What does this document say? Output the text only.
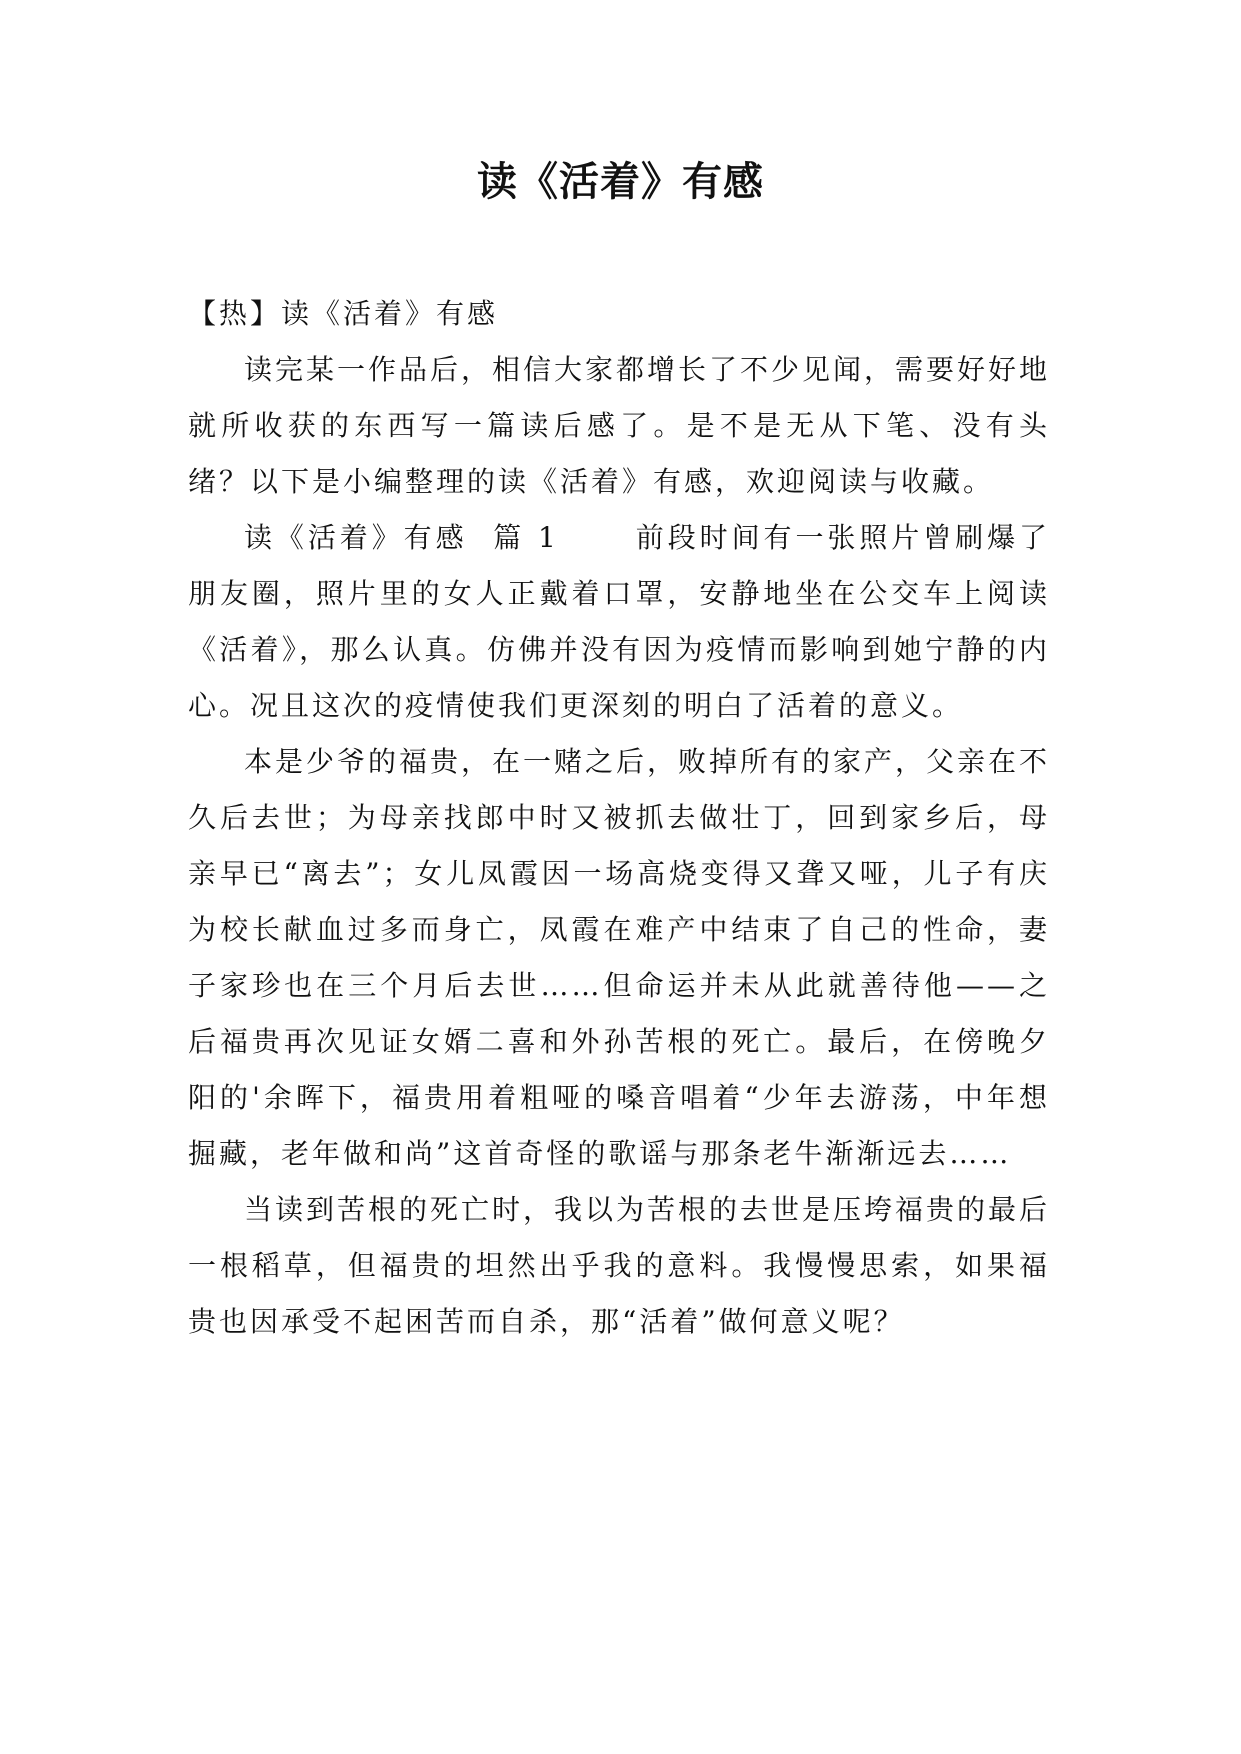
读《活着》有感

【热】读《活着》有感

读完某一作品后，相信大家都增长了不少见闻，需要好好地就所收获的东西写一篇读后感了。是不是无从下笔、没有头绪？以下是小编整理的读《活着》有感，欢迎阅读与收藏。

读《活着》有感  篇 1      前段时间有一张照片曾刷爆了朋友圈，照片里的女人正戴着口罩，安静地坐在公交车上阅读《活着》，那么认真。仿佛并没有因为疫情而影响到她宁静的内心。况且这次的疫情使我们更深刻的明白了活着的意义。

本是少爷的福贵，在一赌之后，败掉所有的家产，父亲在不久后去世；为母亲找郎中时又被抓去做壮丁，回到家乡后，母亲早已“离去”；女儿凤霞因一场高烧变得又聋又哑，儿子有庆为校长献血过多而身亡，凤霞在难产中结束了自己的性命，妻子家珍也在三个月后去世……但命运并未从此就善待他——之后福贵再次见证女婿二喜和外孙苦根的死亡。最后，在傍晚夕阳的'余晖下，福贵用着粗哑的嗓音唱着“少年去游荡，中年想掘藏，老年做和尚”这首奇怪的歌谣与那条老牛渐渐远去……

当读到苦根的死亡时，我以为苦根的去世是压垮福贵的最后一根稻草，但福贵的坦然出乎我的意料。我慢慢思索，如果福贵也因承受不起困苦而自杀，那“活着”做何意义呢？
